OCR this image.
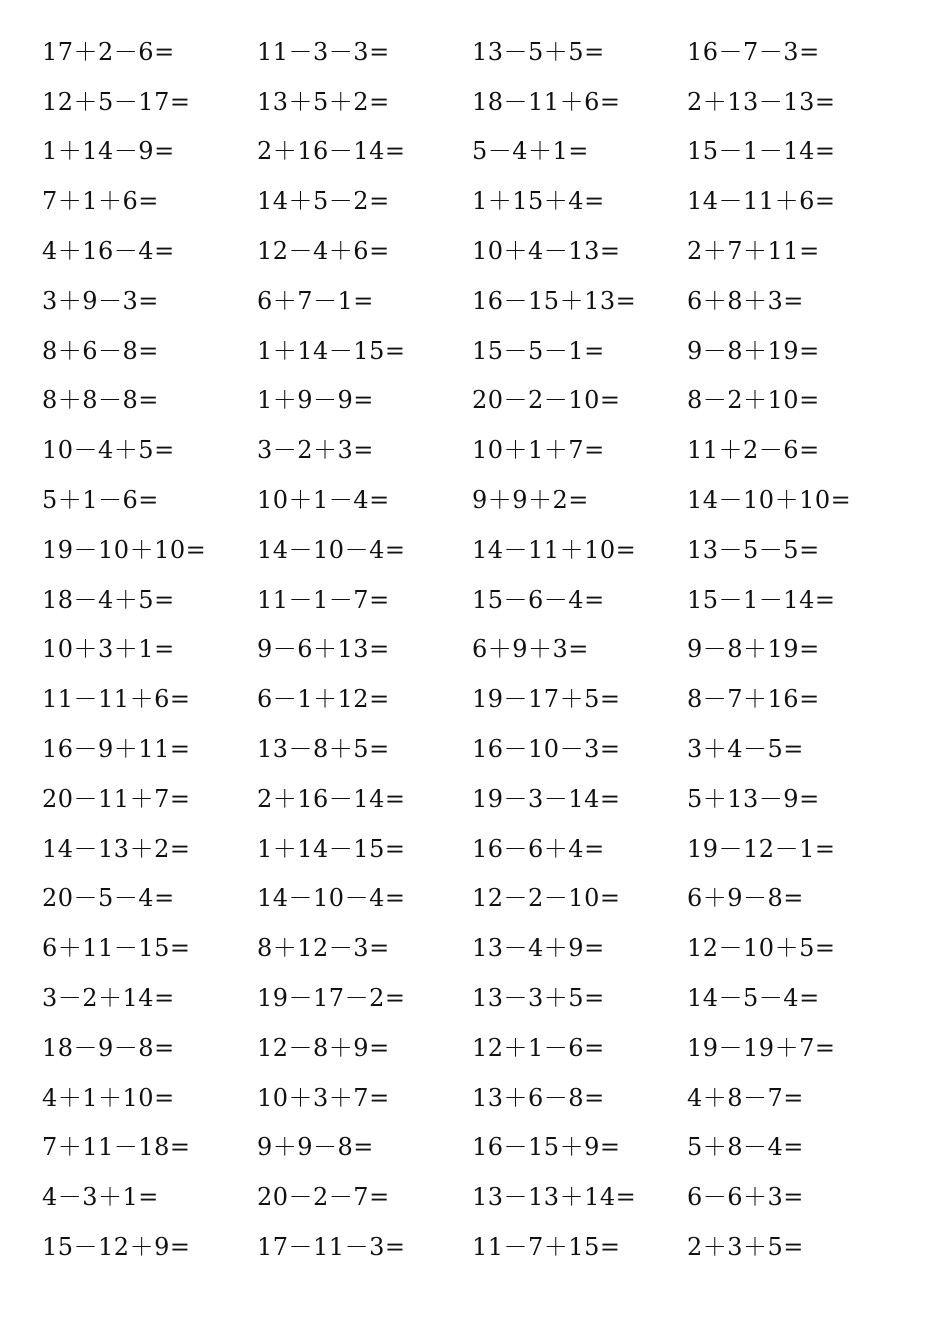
17＋2－6=	11－3－3=	13－5＋5=	16－7－3=
12＋5－17=	13＋5＋2=	18－11＋6=	2＋13－13=
1＋14－9=	2＋16－14=	5－4＋1=	15－1－14=
7＋1＋6=	14＋5－2=	1＋15＋4=	14－11＋6=
4＋16－4=	12－4＋6=	10＋4－13=	2＋7＋11=
3＋9－3=	6＋7－1=	16－15＋13=	6＋8＋3=
8＋6－8=	1＋14－15=	15－5－1=	9－8＋19=
8＋8－8=	1＋9－9=	20－2－10=	8－2＋10=
10－4＋5=	3－2＋3=	10＋1＋7=	11＋2－6=
5＋1－6=	10＋1－4=	9＋9＋2=	14－10＋10=
19－10＋10=	14－10－4=	14－11＋10=	13－5－5=
18－4＋5=	11－1－7=	15－6－4=	15－1－14=
10＋3＋1=	9－6＋13=	6＋9＋3=	9－8＋19=
11－11＋6=	6－1＋12=	19－17＋5=	8－7＋16=
16－9＋11=	13－8＋5=	16－10－3=	3＋4－5=
20－11＋7=	2＋16－14=	19－3－14=	5＋13－9=
14－13＋2=	1＋14－15=	16－6＋4=	19－12－1=
20－5－4=	14－10－4=	12－2－10=	6＋9－8=
6＋11－15=	8＋12－3=	13－4＋9=	12－10＋5=
3－2＋14=	19－17－2=	13－3＋5=	14－5－4=
18－9－8=	12－8＋9=	12＋1－6=	19－19＋7=
4＋1＋10=	10＋3＋7=	13＋6－8=	4＋8－7=
7＋11－18=	9＋9－8=	16－15＋9=	5＋8－4=
4－3＋1=	20－2－7=	13－13＋14=	6－6＋3=
15－12＋9=	17－11－3=	11－7＋15=	2＋3＋5=
